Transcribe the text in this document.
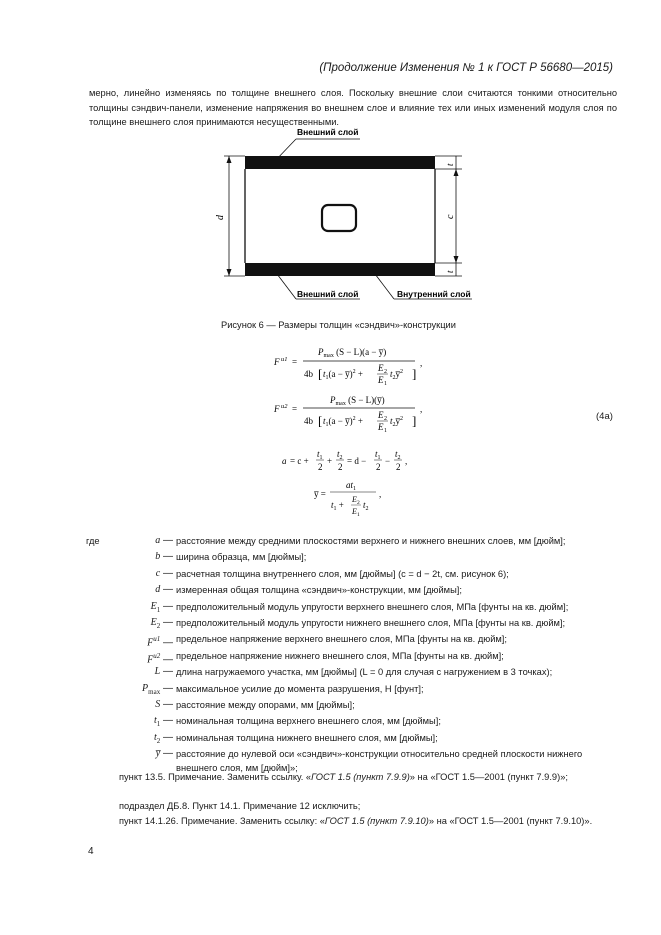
(Продолжение Изменения № 1 к ГОСТ Р 56680—2015)
мерно, линейно изменяясь по толщине внешнего слоя. Поскольку внешние слои считаются тонкими относительно толщины сэндвич-панели, изменение напряжения во внешнем слое и влияние тех или иных изменений модуля слоя по толщине внешнего слоя принимаются несущественными.
Внешний слой
Внешний слой	Внутренний слой
d	c
t
t
Рисунок 6 — Размеры толщин «сэндвич»-конструкции
F u1 =
$P_{max}$ (S − L)(a − y̅)
4b [ $t_1(a$ − y̅)$^2$ +
E 2
E 1
$t_2y̅^2$ ]
,
F u2 =
$P_{max}$ (S − L)(y̅)
4b [ $t_1(a$ − y̅)$^2$ +
E 2
E 1
$t_2y̅^2$ ]
,
a = c +
$t_1$
2
+
$t_2$
2
= d −
$t_1$
2
−
$t_2$
2
,
y̅ =
$at_1$
$t_1$ +
E 2
E 1
$t_2$
,
(4a)
где	a — расстояние между средними плоскостями верхнего и нижнего внешних слоев, мм [дюйм];
b — ширина образца, мм [дюймы];
c — расчетная толщина внутреннего слоя, мм [дюймы] (c = d − 2t, см. рисунок 6);
d — измеренная общая толщина «сэндвич»-конструкции, мм [дюймы];
$E_1$ — предположительный модуль упругости верхнего внешнего слоя, МПа [фунты на кв. дюйм];
$E_2$ — предположительный модуль упругости нижнего внешнего слоя, МПа [фунты на кв. дюйм];
$F^{u1}$ — предельное напряжение верхнего внешнего слоя, МПа [фунты на кв. дюйм];
$F^{u2}$ — предельное напряжение нижнего внешнего слоя, МПа [фунты на кв. дюйм];
L — длина нагружаемого участка, мм [дюймы] (L = 0 для случая с нагружением в 3 точках);
$P_{max}$ — максимальное усилие до момента разрушения, Н [фунт];
S — расстояние между опорами, мм [дюймы];
$t_1$ — номинальная толщина верхнего внешнего слоя, мм [дюймы];
$t_2$ — номинальная толщина нижнего внешнего слоя, мм [дюймы];
y̅ — расстояние до нулевой оси «сэндвич»-конструкции относительно средней плоскости нижнего внешнего слоя, мм [дюйм]»;
пункт 13.5. Примечание. Заменить ссылку. «ГОСТ 1.5 (пункт 7.9.9)» на «ГОСТ 1.5—2001 (пункт 7.9.9)»;
подраздел ДБ.8. Пункт 14.1. Примечание 12 исключить;
пункт 14.1.26. Примечание. Заменить ссылку: «ГОСТ 1.5 (пункт 7.9.10)» на «ГОСТ 1.5—2001 (пункт 7.9.10)».
4
